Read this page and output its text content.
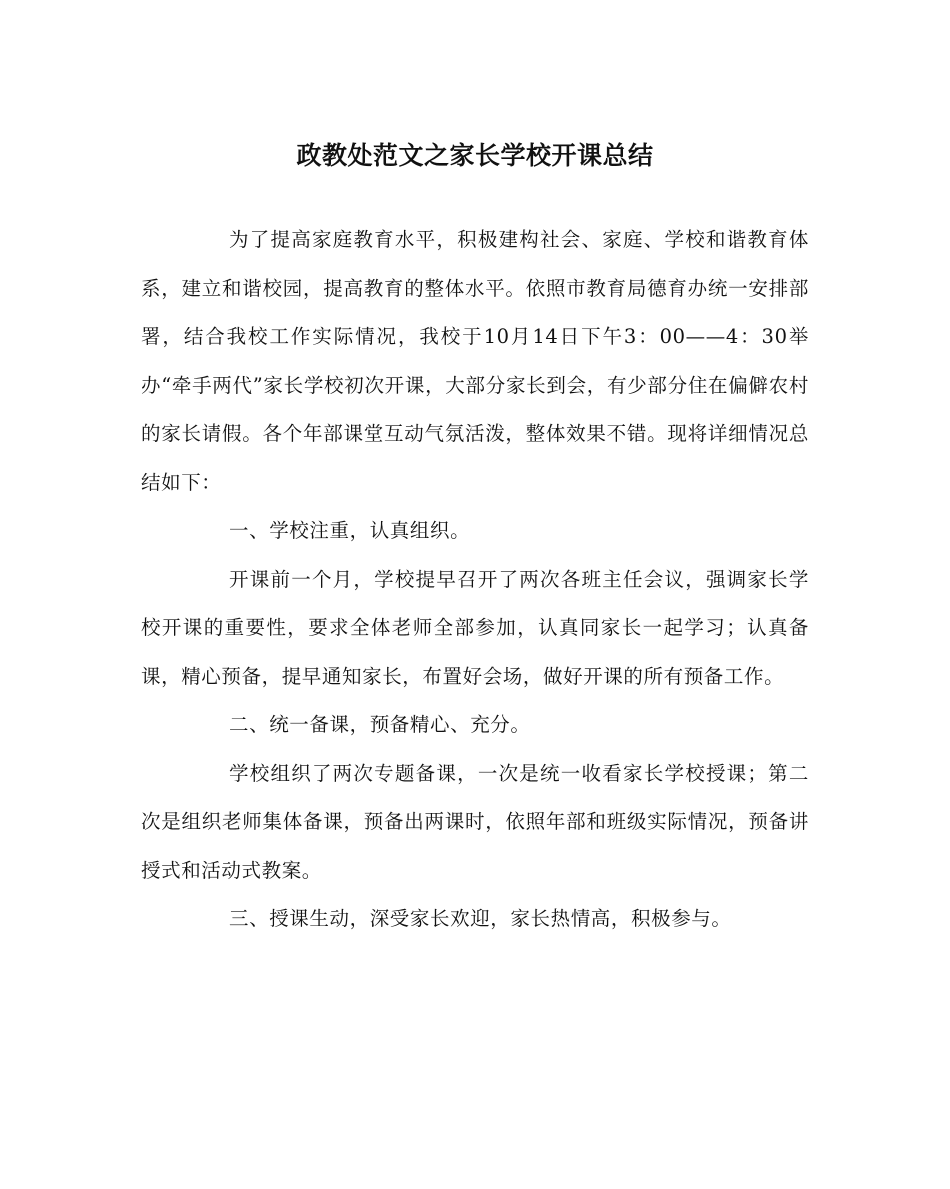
政教处范文之家长学校开课总结

为了提高家庭教育水平，积极建构社会、家庭、学校和谐教育体系，建立和谐校园，提高教育的整体水平。依照市教育局德育办统一安排部署，结合我校工作实际情况，我校于10月14日下午3：00——4：30举办“牵手两代”家长学校初次开课，大部分家长到会，有少部分住在偏僻农村的家长请假。各个年部课堂互动气氛活泼，整体效果不错。现将详细情况总结如下：

一、学校注重，认真组织。

开课前一个月，学校提早召开了两次各班主任会议，强调家长学校开课的重要性，要求全体老师全部参加，认真同家长一起学习；认真备课，精心预备，提早通知家长，布置好会场，做好开课的所有预备工作。

二、统一备课，预备精心、充分。

学校组织了两次专题备课，一次是统一收看家长学校授课；第二次是组织老师集体备课，预备出两课时，依照年部和班级实际情况，预备讲授式和活动式教案。

三、授课生动，深受家长欢迎，家长热情高，积极参与。
